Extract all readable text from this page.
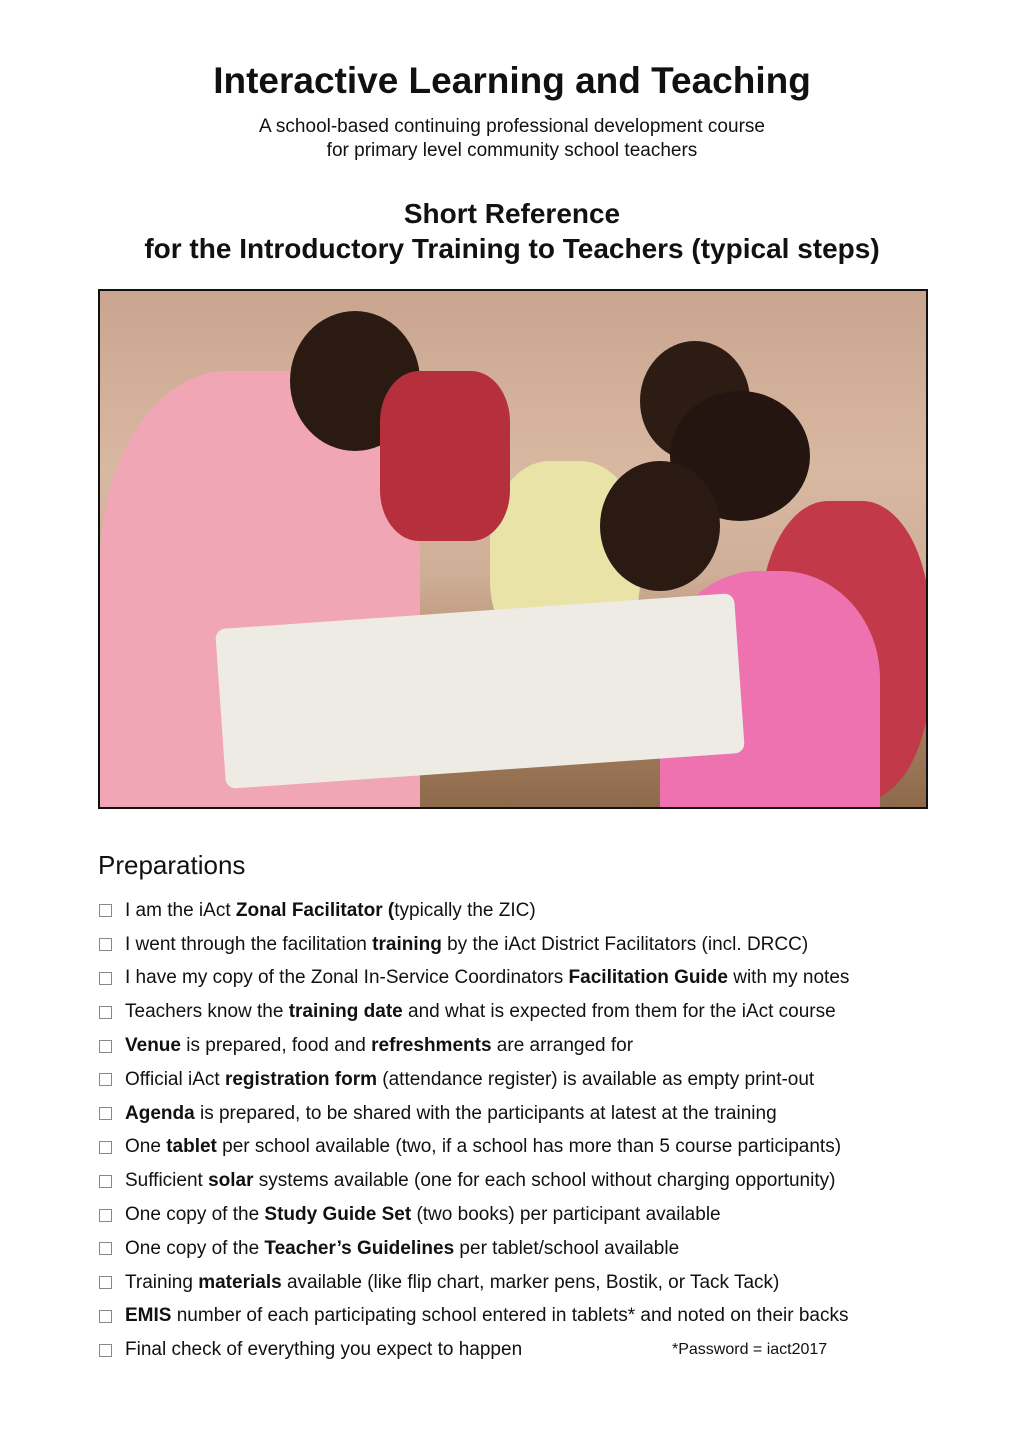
Interactive Learning and Teaching
A school-based continuing professional development course
for primary level community school teachers
Short Reference
for the Introductory Training to Teachers (typical steps)
Preparations
I am the iAct Zonal Facilitator (typically the ZIC)
I went through the facilitation training by the iAct District Facilitators (incl. DRCC)
I have my copy of the Zonal In-Service Coordinators Facilitation Guide with my notes
Teachers know the training date and what is expected from them for the iAct course
Venue is prepared, food and refreshments are arranged for
Official iAct registration form (attendance register) is available as empty print-out
Agenda is prepared, to be shared with the participants at latest at the training
One tablet per school available (two, if a school has more than 5 course participants)
Sufficient solar systems available (one for each school without charging opportunity)
One copy of the Study Guide Set (two books) per participant available
One copy of the Teacher’s Guidelines per tablet/school available
Training materials available (like flip chart, marker pens, Bostik, or Tack Tack)
EMIS number of each participating school entered in tablets* and noted on their backs
Final check of everything you expect to happen	*Password = iact2017
